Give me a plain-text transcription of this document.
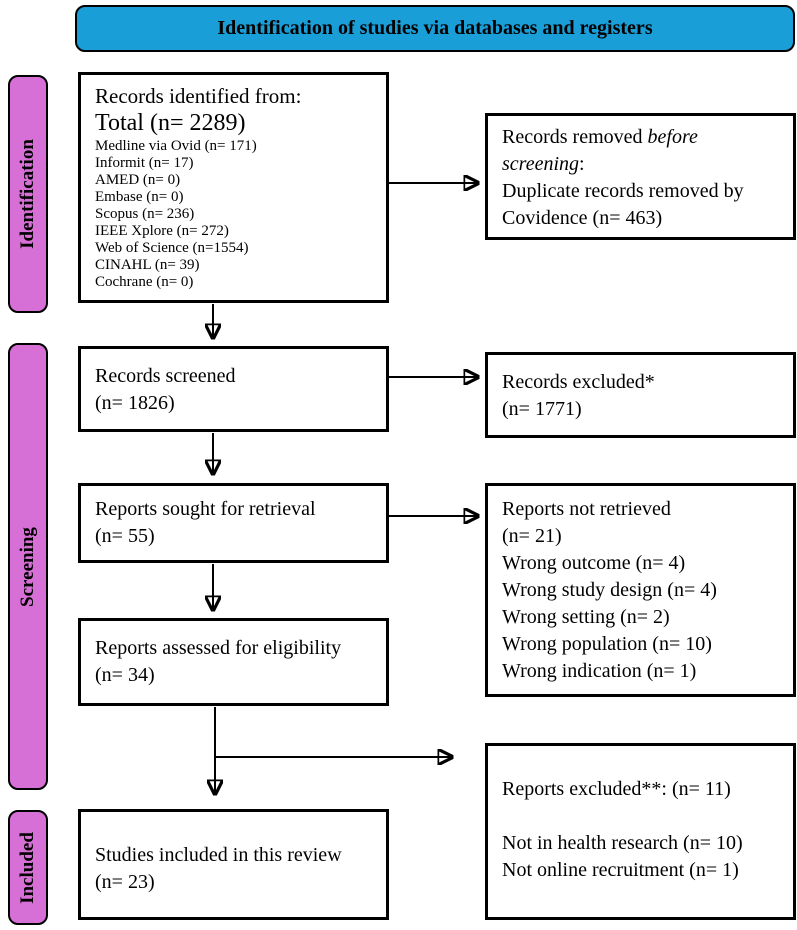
Identification of studies via databases and registers
Identification
Screening
Included
Records identified from:
Total (n= 2289)
Medline via Ovid (n= 171)
Informit (n= 17)
AMED (n= 0)
Embase (n= 0)
Scopus (n= 236)
IEEE Xplore (n= 272)
Web of Science (n=1554)
CINAHL (n= 39)
Cochrane (n= 0)
Records removed before screening:
Duplicate records removed by Covidence (n= 463)
Records screened
(n= 1826)
Records excluded*
(n= 1771)
Reports sought for retrieval
(n= 55)
Reports not retrieved
(n= 21)
Wrong outcome (n= 4)
Wrong study design (n= 4)
Wrong setting (n= 2)
Wrong population (n= 10)
Wrong indication (n= 1)
Reports assessed for eligibility
(n= 34)
Reports excluded**: (n= 11)
Not in health research (n= 10)
Not online recruitment (n= 1)
Studies included in this review
(n= 23)
